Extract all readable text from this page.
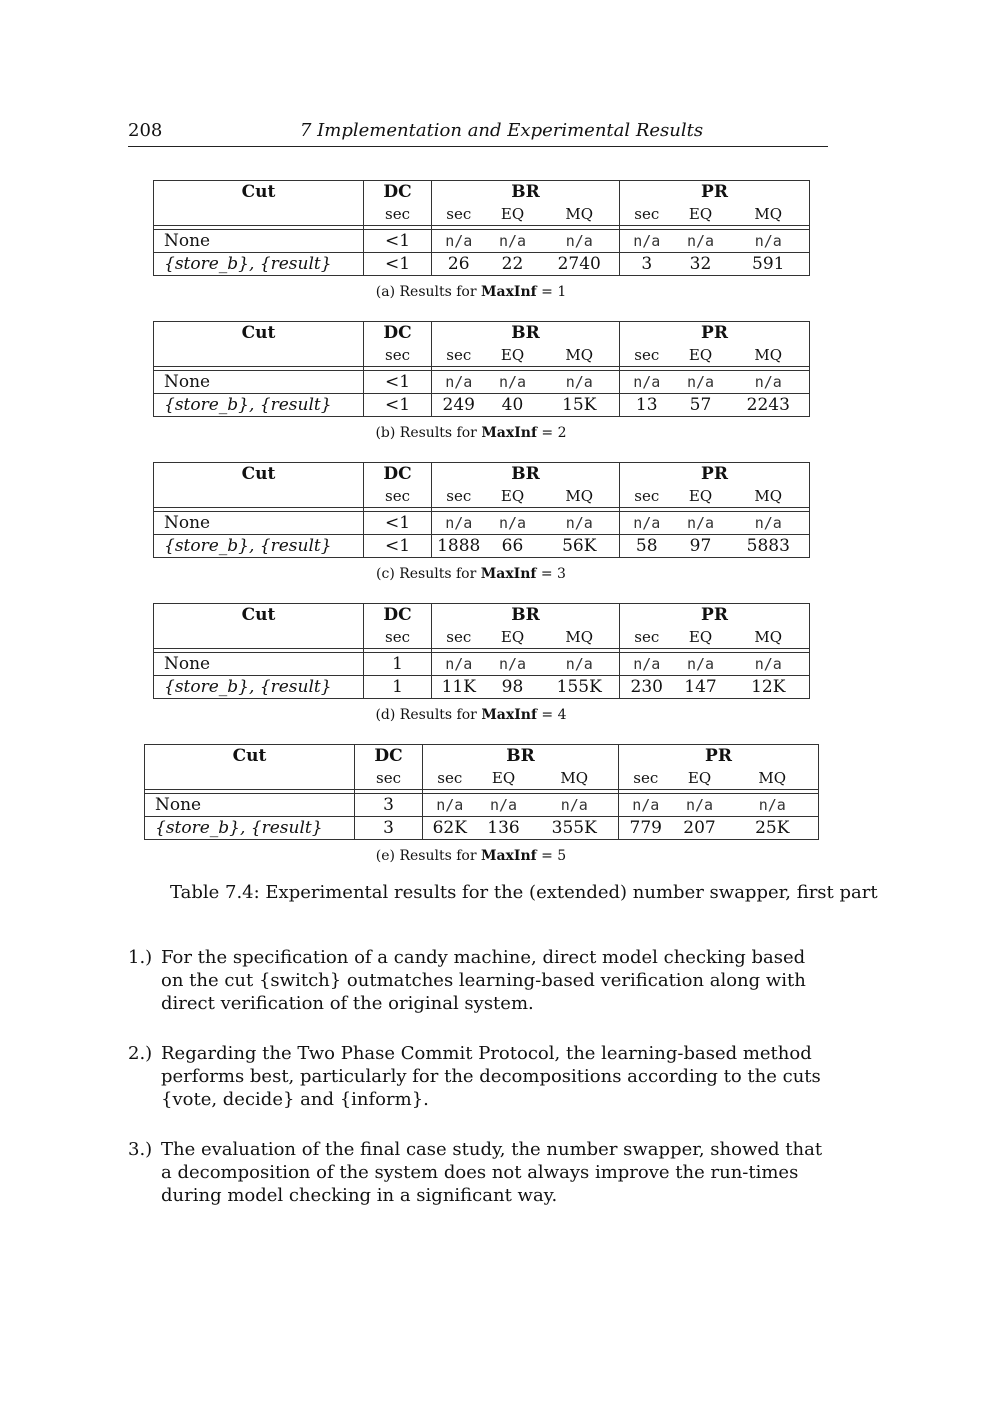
208	7 Implementation and Experimental Results
Cut	DC	BR			PR		
	sec	sec	EQ	MQ	sec	EQ	MQ

None	<1	n/a	n/a	n/a	n/a	n/a	n/a
{store_b}, {result}	<1	26	22	2740	3	32	591
(a) Results for MaxInf = 1
Cut	DC	BR			PR		
	sec	sec	EQ	MQ	sec	EQ	MQ

None	<1	n/a	n/a	n/a	n/a	n/a	n/a
{store_b}, {result}	<1	249	40	15K	13	57	2243
(b) Results for MaxInf = 2
Cut	DC	BR			PR		
	sec	sec	EQ	MQ	sec	EQ	MQ

None	<1	n/a	n/a	n/a	n/a	n/a	n/a
{store_b}, {result}	<1	1888	66	56K	58	97	5883
(c) Results for MaxInf = 3
Cut	DC	BR			PR		
	sec	sec	EQ	MQ	sec	EQ	MQ

None	1	n/a	n/a	n/a	n/a	n/a	n/a
{store_b}, {result}	1	11K	98	155K	230	147	12K
(d) Results for MaxInf = 4
Cut	DC	BR			PR		
	sec	sec	EQ	MQ	sec	EQ	MQ

None	3	n/a	n/a	n/a	n/a	n/a	n/a
{store_b}, {result}	3	62K	136	355K	779	207	25K
(e) Results for MaxInf = 5
Table 7.4: Experimental results for the (extended) number swapper, first part
1.) For the specification of a candy machine, direct model checking based on the cut {switch} outmatches learning-based verification along with direct verification of the original system.
2.) Regarding the Two Phase Commit Protocol, the learning-based method performs best, particularly for the decompositions according to the cuts {vote, decide} and {inform}.
3.) The evaluation of the final case study, the number swapper, showed that a decomposition of the system does not always improve the run-times during model checking in a significant way.
